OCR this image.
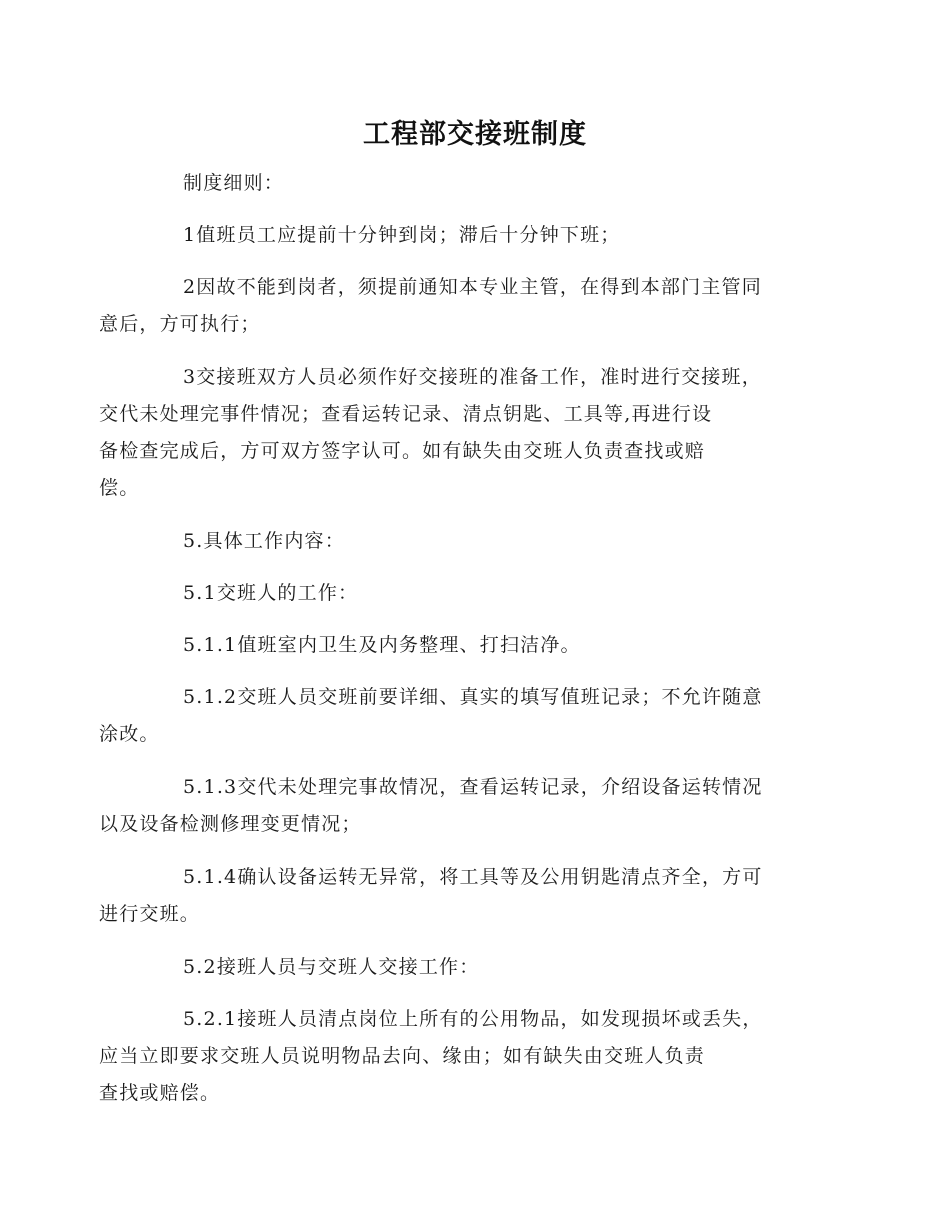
工程部交接班制度

制度细则：

1值班员工应提前十分钟到岗；滞后十分钟下班；

2因故不能到岗者，须提前通知本专业主管，在得到本部门主管同
意后，方可执行；

3交接班双方人员必须作好交接班的准备工作，准时进行交接班，
交代未处理完事件情况；查看运转记录、清点钥匙、工具等,再进行设
备检查完成后，方可双方签字认可。如有缺失由交班人负责查找或赔
偿。

5.具体工作内容：

5.1交班人的工作：

5.1.1值班室内卫生及内务整理、打扫洁净。

5.1.2交班人员交班前要详细、真实的填写值班记录；不允许随意
涂改。

5.1.3交代未处理完事故情况，查看运转记录，介绍设备运转情况
以及设备检测修理变更情况；

5.1.4确认设备运转无异常，将工具等及公用钥匙清点齐全，方可
进行交班。

5.2接班人员与交班人交接工作：

5.2.1接班人员清点岗位上所有的公用物品，如发现损坏或丢失，
应当立即要求交班人员说明物品去向、缘由；如有缺失由交班人负责
查找或赔偿。
